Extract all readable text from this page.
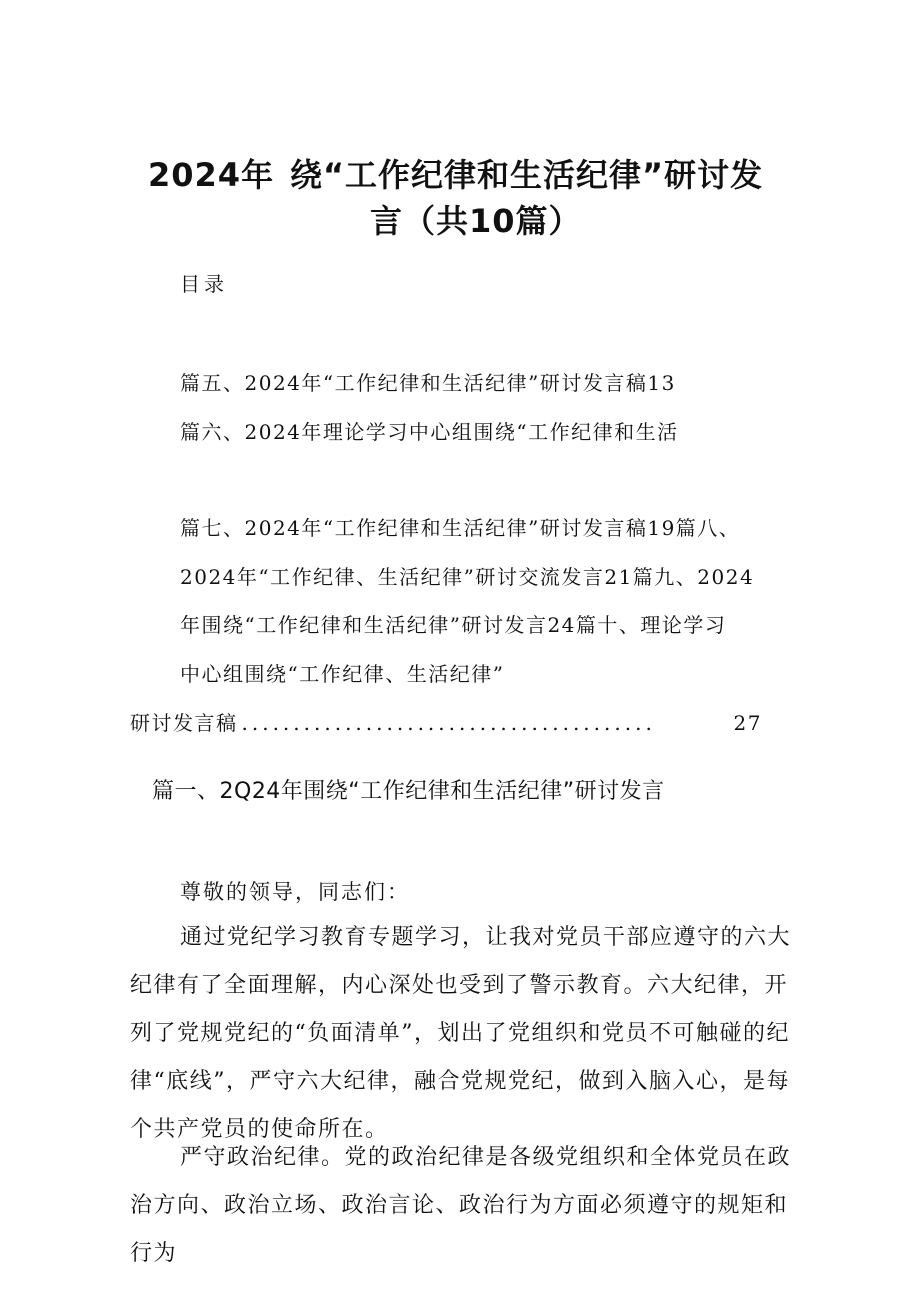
2024年 绕“工作纪律和生活纪律”研讨发
言（共10篇）
目录
篇五、2024年“工作纪律和生活纪律”研讨发言稿13
篇六、2024年理论学习中心组围绕“工作纪律和生活
篇七、2024年“工作纪律和生活纪律”研讨发言稿19篇八、
2024年“工作纪律、生活纪律”研讨交流发言21篇九、2024
年围绕“工作纪律和生活纪律”研讨发言24篇十、理论学习
中心组围绕“工作纪律、生活纪律”
研讨发言稿 ........................................	27
篇一、2Q24年围绕“工作纪律和生活纪律”研讨发言
尊敬的领导，同志们：

通过党纪学习教育专题学习，让我对党员干部应遵守的六大纪律有了全面理解，内心深处也受到了警示教育。六大纪律，开列了党规党纪的“负面清单”，划出了党组织和党员不可触碰的纪律“底线”，严守六大纪律，融合党规党纪，做到入脑入心，是每个共产党员的使命所在。

严守政治纪律。党的政治纪律是各级党组织和全体党员在政治方向、政治立场、政治言论、政治行为方面必须遵守的规矩和行为
